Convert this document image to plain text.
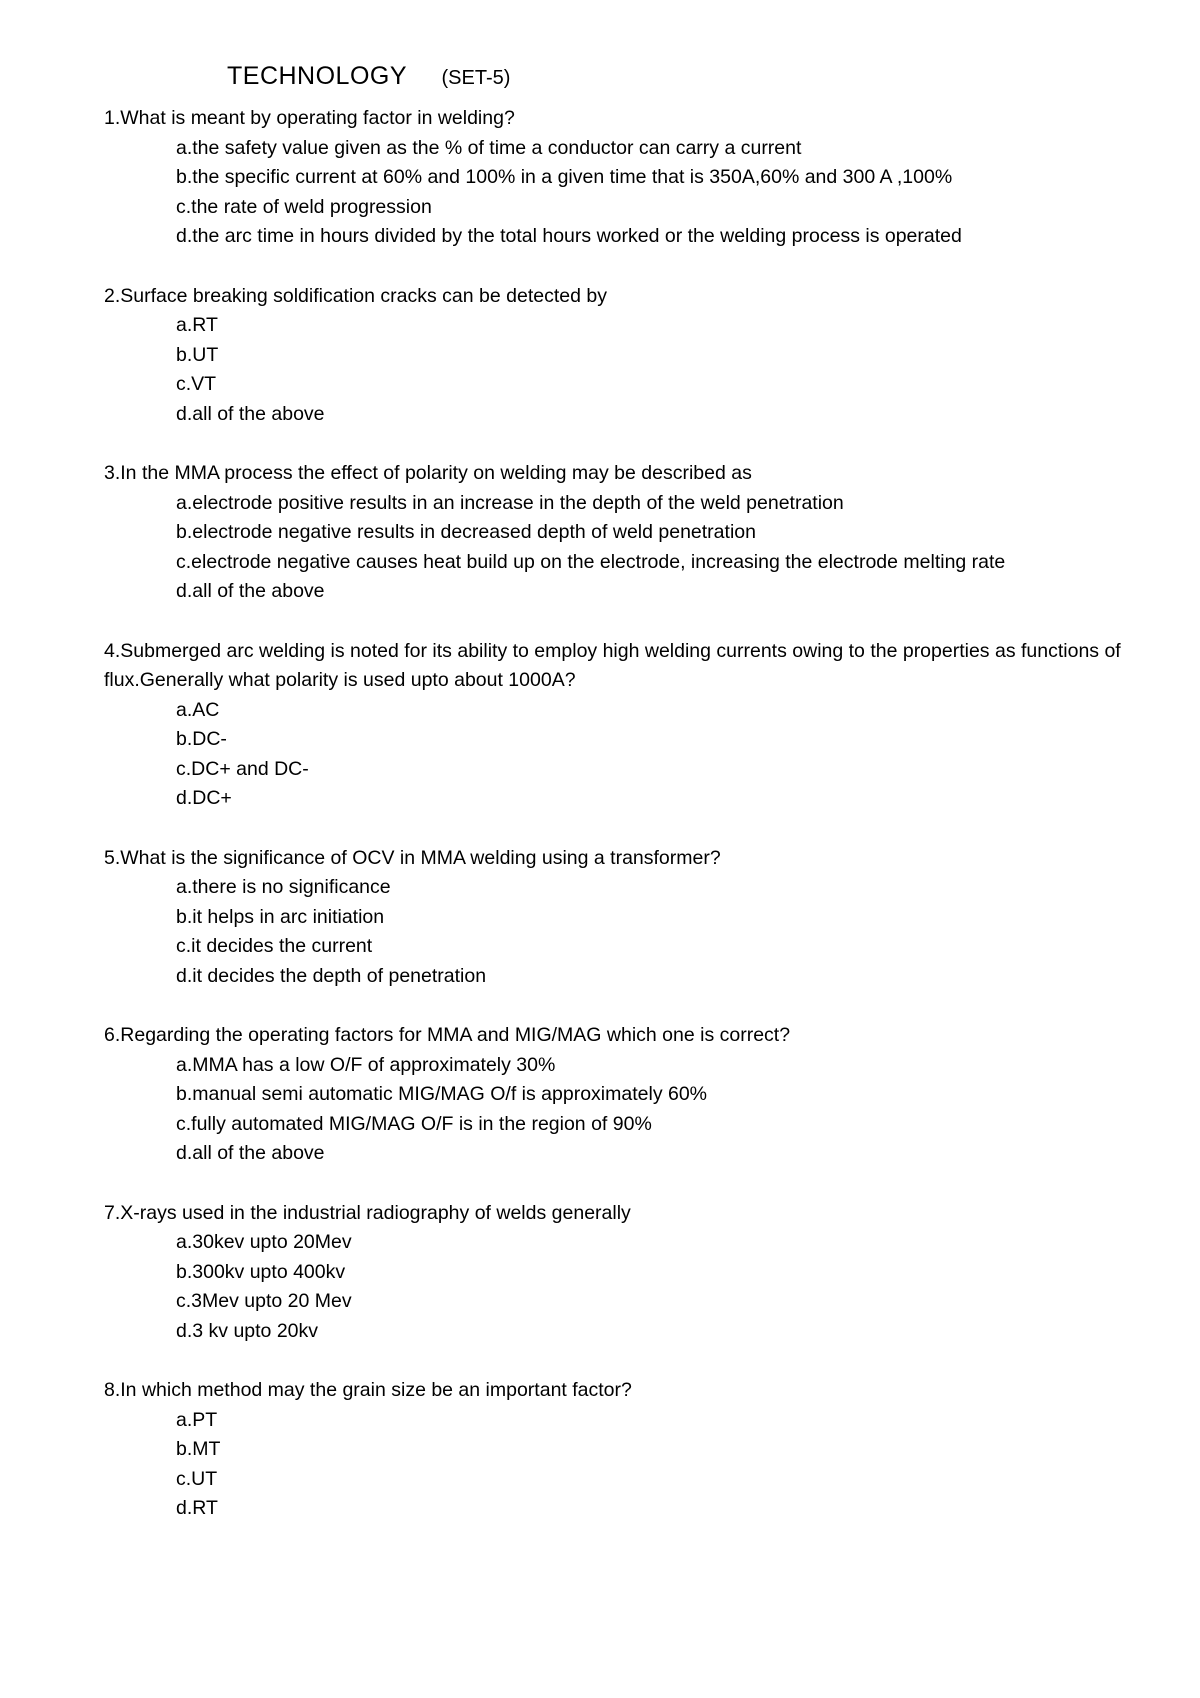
TECHNOLOGY (SET-5)

1.What is meant by operating factor in welding?

a.the safety value given as the % of time a conductor can carry a current
b.the specific current at 60% and 100% in a given time that is 350A,60% and 300 A ,100%
c.the rate of weld progression
d.the arc time in hours divided by the total hours worked or the welding process is operated

2.Surface breaking soldification cracks can be detected by

a.RT
b.UT
c.VT
d.all of the above

3.In the MMA process the effect of polarity on welding may be described as

a.electrode positive results in an increase in the depth of the weld penetration
b.electrode negative results in decreased depth of weld penetration
c.electrode negative causes heat build up on the electrode, increasing the electrode melting rate
d.all of the above

4.Submerged arc welding is noted for its ability to employ high welding currents owing to the properties as functions of flux.Generally what polarity is used upto about 1000A?

a.AC
b.DC-
c.DC+ and DC-
d.DC+

5.What is the significance of OCV in MMA welding using a transformer?

a.there is no significance
b.it helps in arc initiation
c.it decides the current
d.it decides the depth of penetration

6.Regarding the operating factors for MMA and MIG/MAG which one is correct?

a.MMA has a low O/F of approximately 30%
b.manual semi automatic MIG/MAG O/f is approximately 60%
c.fully automated MIG/MAG O/F is in the region of 90%
d.all of the above

7.X-rays used in the industrial radiography of welds generally

a.30kev upto 20Mev
b.300kv upto 400kv
c.3Mev upto 20 Mev
d.3 kv upto 20kv

8.In which method may the grain size be an important factor?

a.PT
b.MT
c.UT
d.RT
